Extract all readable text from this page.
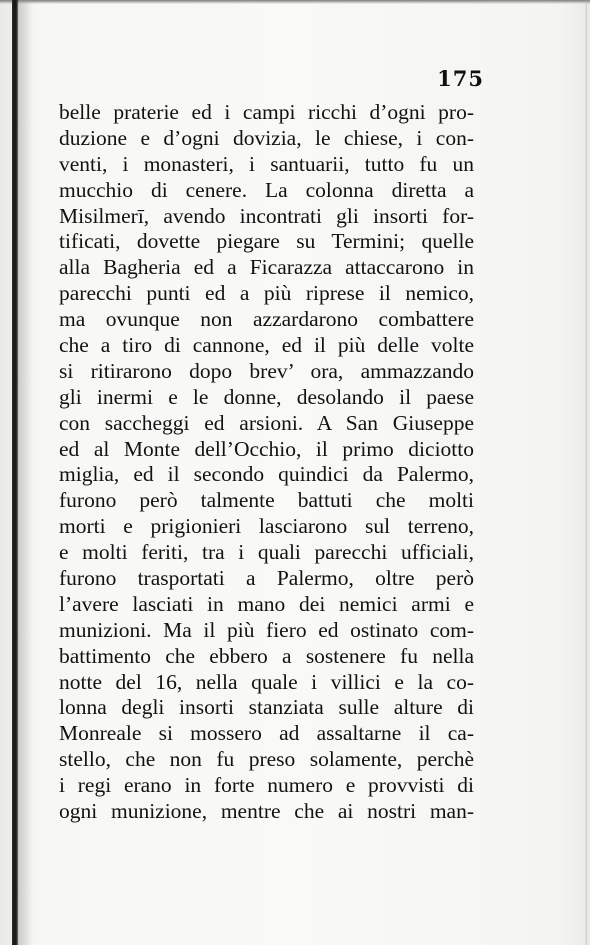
175

belle praterie ed i campi ricchi d’ogni pro-
duzione e d’ogni dovizia, le chiese, i con-
venti, i monasteri, i santuarii, tutto fu un
mucchio di cenere. La colonna diretta a
Misilmerī, avendo incontrati gli insorti for-
tificati, dovette piegare su Termini; quelle
alla Bagheria ed a Ficarazza attaccarono in
parecchi punti ed a più riprese il nemico,
ma ovunque non azzardarono combattere
che a tiro di cannone, ed il più delle volte
si ritirarono dopo brev’ ora, ammazzando
gli inermi e le donne, desolando il paese
con saccheggi ed arsioni. A San Giuseppe
ed al Monte dell’Occhio, il primo diciotto
miglia, ed il secondo quindici da Palermo,
furono però talmente battuti che molti
morti e prigionieri lasciarono sul terreno,
e molti feriti, tra i quali parecchi ufficiali,
furono trasportati a Palermo, oltre però
l’avere lasciati in mano dei nemici armi e
munizioni. Ma il più fiero ed ostinato com-
battimento che ebbero a sostenere fu nella
notte del 16, nella quale i villici e la co-
lonna degli insorti stanziata sulle alture di
Monreale si mossero ad assaltarne il ca-
stello, che non fu preso solamente, perchè
i regi erano in forte numero e provvisti di
ogni munizione, mentre che ai nostri man-
